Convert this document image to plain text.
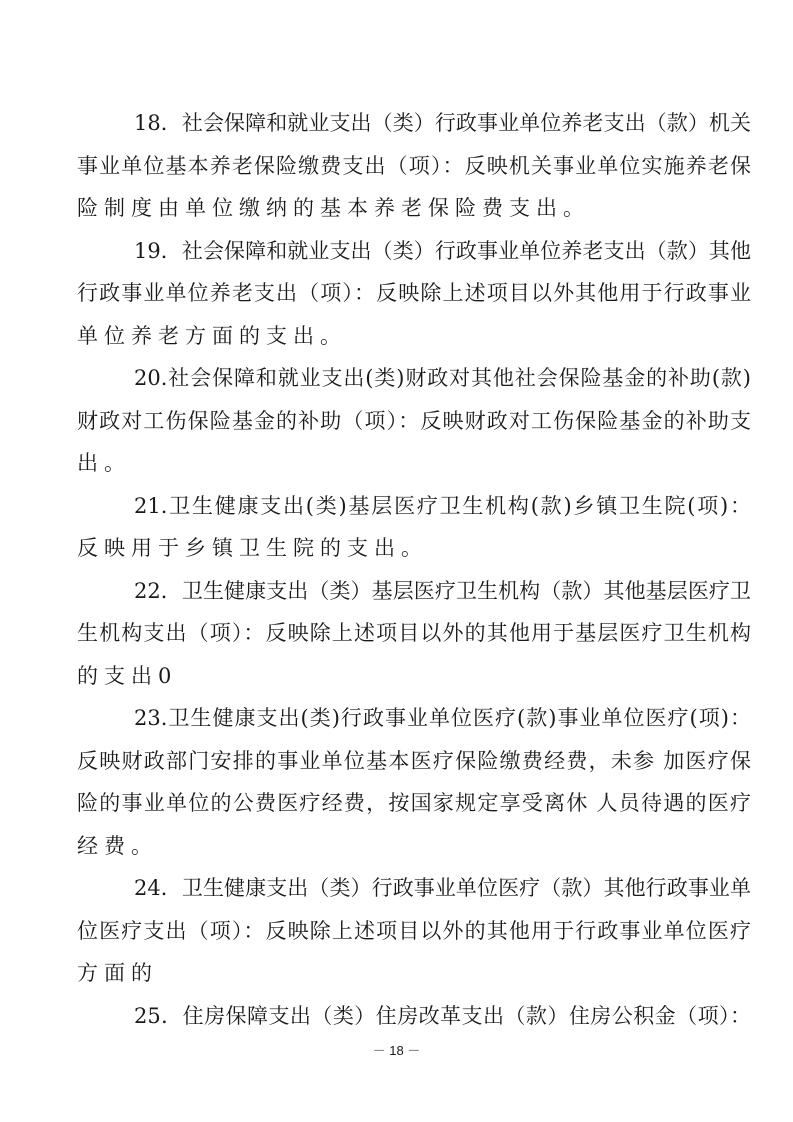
18．社会保障和就业支出（类）行政事业单位养老支出（款）机关
事业单位基本养老保险缴费支出（项）：反映机关事业单位实施养老保
险制度由单位缴纳的基本养老保险费支出。
19．社会保障和就业支出（类）行政事业单位养老支出（款）其他
行政事业单位养老支出（项）：反映除上述项目以外其他用于行政事业
单位养老方面的支出。
20.社会保障和就业支出(类)财政对其他社会保险基金的补助(款)
财政对工伤保险基金的补助（项）：反映财政对工伤保险基金的补助支
出。
21.卫生健康支出(类)基层医疗卫生机构(款)乡镇卫生院(项)：
反映用于乡镇卫生院的支出。
22．卫生健康支出（类）基层医疗卫生机构（款）其他基层医疗卫
生机构支出（项）：反映除上述项目以外的其他用于基层医疗卫生机构
的支出0
23.卫生健康支出(类)行政事业单位医疗(款)事业单位医疗(项)：
反映财政部门安排的事业单位基本医疗保险缴费经费，未参 加医疗保
险的事业单位的公费医疗经费，按国家规定享受离休 人员待遇的医疗
经费。
24．卫生健康支出（类）行政事业单位医疗（款）其他行政事业单
位医疗支出（项）：反映除上述项目以外的其他用于行政事业单位医疗
方面的
25．住房保障支出（类）住房改革支出（款）住房公积金（项）：
－ 18 －
